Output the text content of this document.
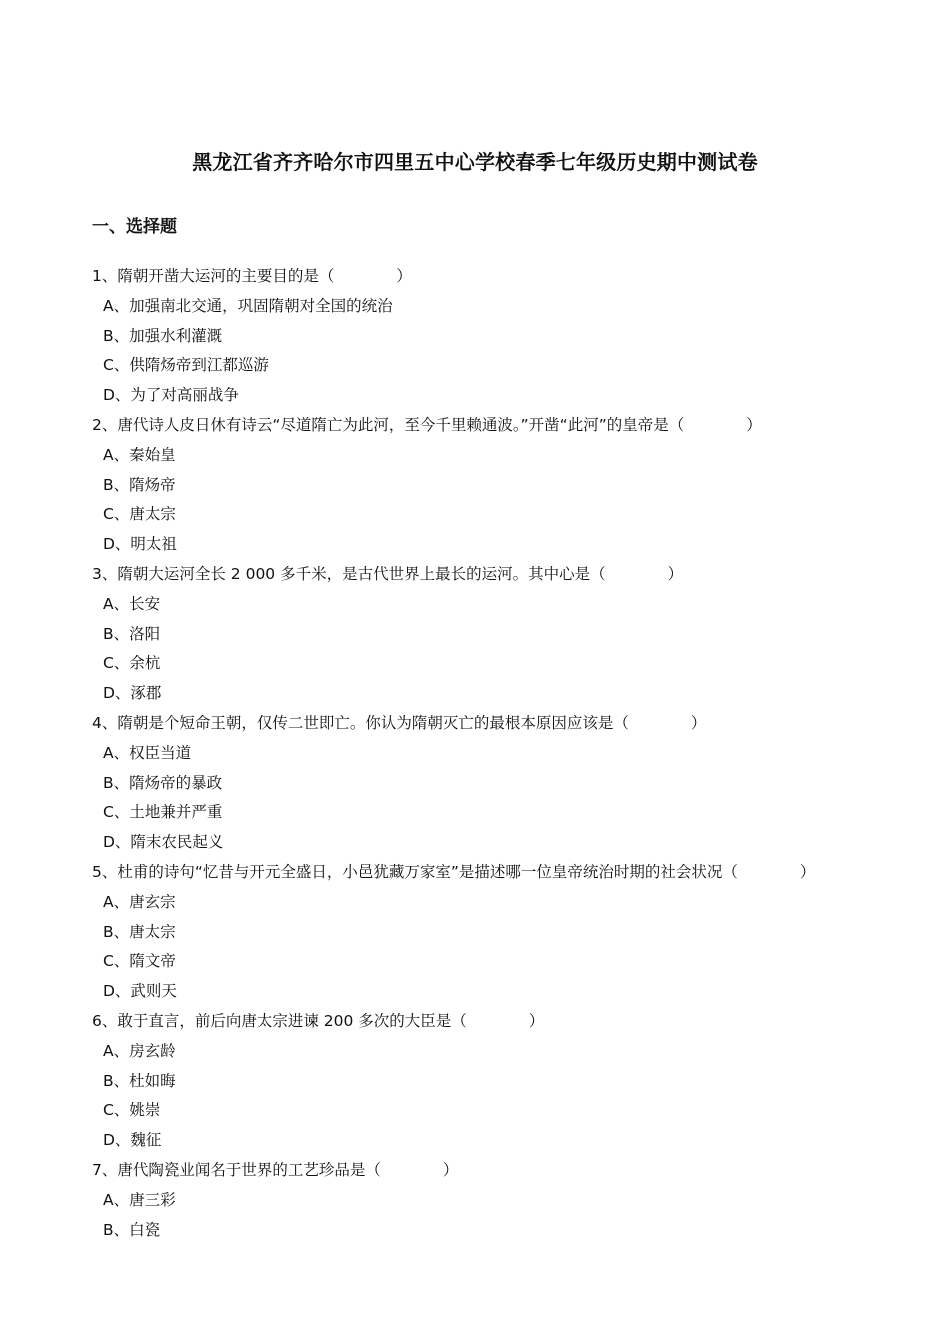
黑龙江省齐齐哈尔市四里五中心学校春季七年级历史期中测试卷
一、选择题
1、隋朝开凿大运河的主要目的是（　　　　）
A、加强南北交通，巩固隋朝对全国的统治
B、加强水利灌溉
C、供隋炀帝到江都巡游
D、为了对高丽战争
2、唐代诗人皮日休有诗云“尽道隋亡为此河，至今千里赖通波。”开凿“此河”的皇帝是（　　　　）
A、秦始皇
B、隋炀帝
C、唐太宗
D、明太祖
3、隋朝大运河全长 2 000 多千米，是古代世界上最长的运河。其中心是（　　　　）
A、长安
B、洛阳
C、余杭
D、涿郡
4、隋朝是个短命王朝，仅传二世即亡。你认为隋朝灭亡的最根本原因应该是（　　　　）
A、权臣当道
B、隋炀帝的暴政
C、土地兼并严重
D、隋末农民起义
5、杜甫的诗句“忆昔与开元全盛日，小邑犹藏万家室”是描述哪一位皇帝统治时期的社会状况（　　　　）
A、唐玄宗
B、唐太宗
C、隋文帝
D、武则天
6、敢于直言，前后向唐太宗进谏 200 多次的大臣是（　　　　）
A、房玄龄
B、杜如晦
C、姚崇
D、魏征
7、唐代陶瓷业闻名于世界的工艺珍品是（　　　　）
A、唐三彩
B、白瓷
